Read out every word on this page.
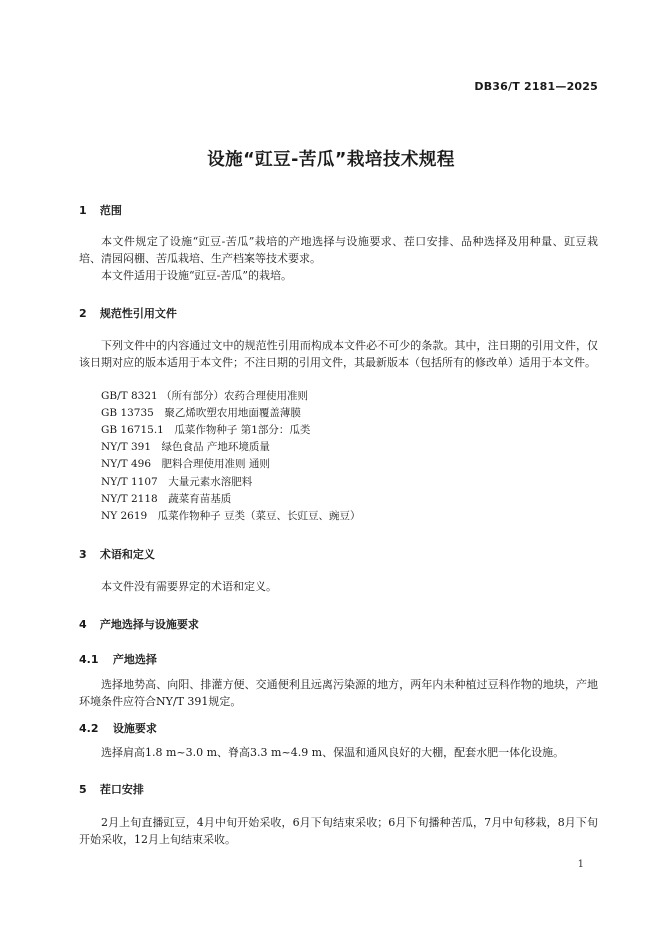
DB36/T 2181—2025
设施“豇豆-苦瓜”栽培技术规程
1 范围
本文件规定了设施“豇豆-苦瓜”栽培的产地选择与设施要求、茬口安排、品种选择及用种量、豇豆栽培、清园闷棚、苦瓜栽培、生产档案等技术要求。
本文件适用于设施“豇豆-苦瓜”的栽培。
2 规范性引用文件
下列文件中的内容通过文中的规范性引用而构成本文件必不可少的条款。其中，注日期的引用文件，仅该日期对应的版本适用于本文件；不注日期的引用文件，其最新版本（包括所有的修改单）适用于本文件。
GB/T 8321 （所有部分）农药合理使用准则
GB 13735　聚乙烯吹塑农用地面覆盖薄膜
GB 16715.1　瓜菜作物种子 第1部分：瓜类
NY/T 391　绿色食品 产地环境质量
NY/T 496　肥料合理使用准则 通则
NY/T 1107　大量元素水溶肥料
NY/T 2118　蔬菜育苗基质
NY 2619　瓜菜作物种子 豆类（菜豆、长豇豆、豌豆）
3 术语和定义
本文件没有需要界定的术语和定义。
4 产地选择与设施要求
4.1 产地选择
选择地势高、向阳、排灌方便、交通便利且远离污染源的地方，两年内未种植过豆科作物的地块，产地环境条件应符合NY/T 391规定。
4.2 设施要求
选择肩高1.8 m~3.0 m、脊高3.3 m~4.9 m、保温和通风良好的大棚，配套水肥一体化设施。
5 茬口安排
2月上旬直播豇豆，4月中旬开始采收，6月下旬结束采收；6月下旬播种苦瓜，7月中旬移栽，8月下旬开始采收，12月上旬结束采收。
1
